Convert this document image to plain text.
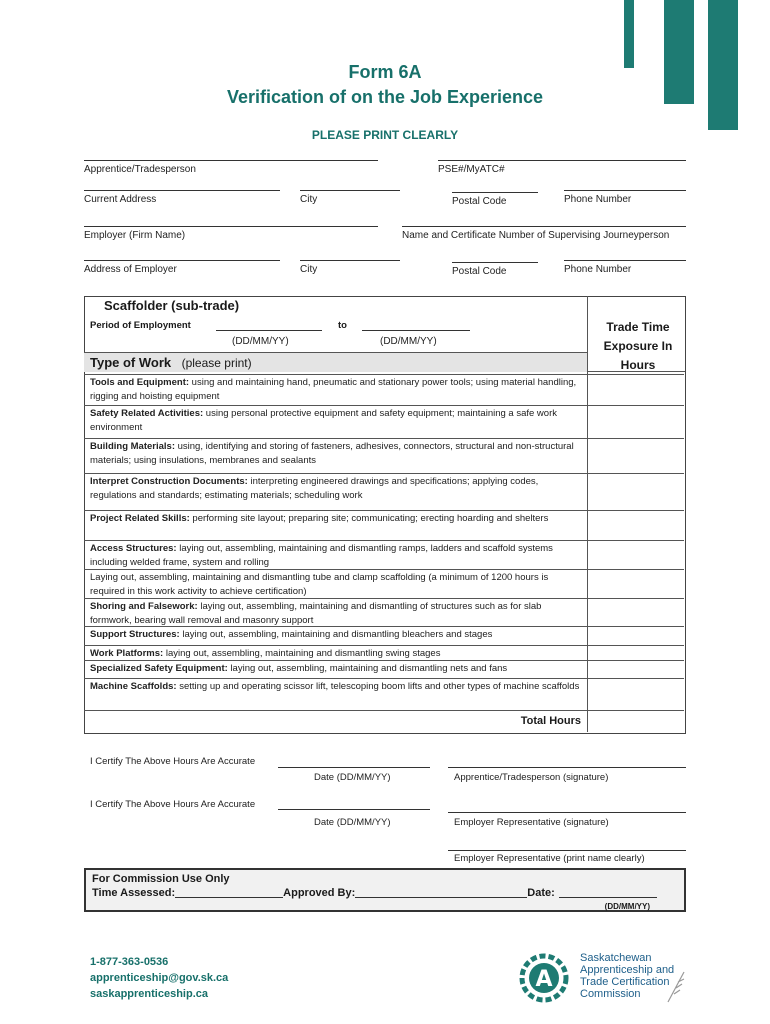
Form 6A
Verification of on the Job Experience
PLEASE PRINT CLEARLY
Apprentice/Tradesperson	PSE#/MyATC#
Current Address	City	Postal Code	Phone Number
Employer (Firm Name)	Name and Certificate Number of Supervising Journeyperson
Address of Employer	City	Postal Code	Phone Number
Scaffolder (sub-trade)
Period of Employment	to
(DD/MM/YY)	(DD/MM/YY)
Trade Time Exposure In Hours
Type of Work (please print)
Tools and Equipment: using and maintaining hand, pneumatic and stationary power tools; using material handling, rigging and hoisting equipment
Safety Related Activities: using personal protective equipment and safety equipment; maintaining a safe work environment
Building Materials: using, identifying and storing of fasteners, adhesives, connectors, structural and non-structural materials; using insulations, membranes and sealants
Interpret Construction Documents: interpreting engineered drawings and specifications; applying codes, regulations and standards; estimating materials; scheduling work
Project Related Skills: performing site layout; preparing site; communicating; erecting hoarding and shelters
Access Structures: laying out, assembling, maintaining and dismantling ramps, ladders and scaffold systems including welded frame, system and rolling
Laying out, assembling, maintaining and dismantling tube and clamp scaffolding (a minimum of 1200 hours is required in this work activity to achieve certification)
Shoring and Falsework: laying out, assembling, maintaining and dismantling of structures such as for slab formwork, bearing wall removal and masonry support
Support Structures: laying out, assembling, maintaining and dismantling bleachers and stages
Work Platforms: laying out, assembling, maintaining and dismantling swing stages
Specialized Safety Equipment: laying out, assembling, maintaining and dismantling nets and fans
Machine Scaffolds: setting up and operating scissor lift, telescoping boom lifts and other types of machine scaffolds
Total Hours
I Certify The Above Hours Are Accurate
Date (DD/MM/YY)	Apprentice/Tradesperson (signature)
I Certify The Above Hours Are Accurate
Date (DD/MM/YY)	Employer Representative (signature)
Employer Representative (print name clearly)
For Commission Use Only
Time Assessed:	Approved By:	Date:
(DD/MM/YY)
1-877-363-0536
apprenticeship@gov.sk.ca
saskapprenticeship.ca
A
Saskatchewan
Apprenticeship and
Trade Certification
Commission
